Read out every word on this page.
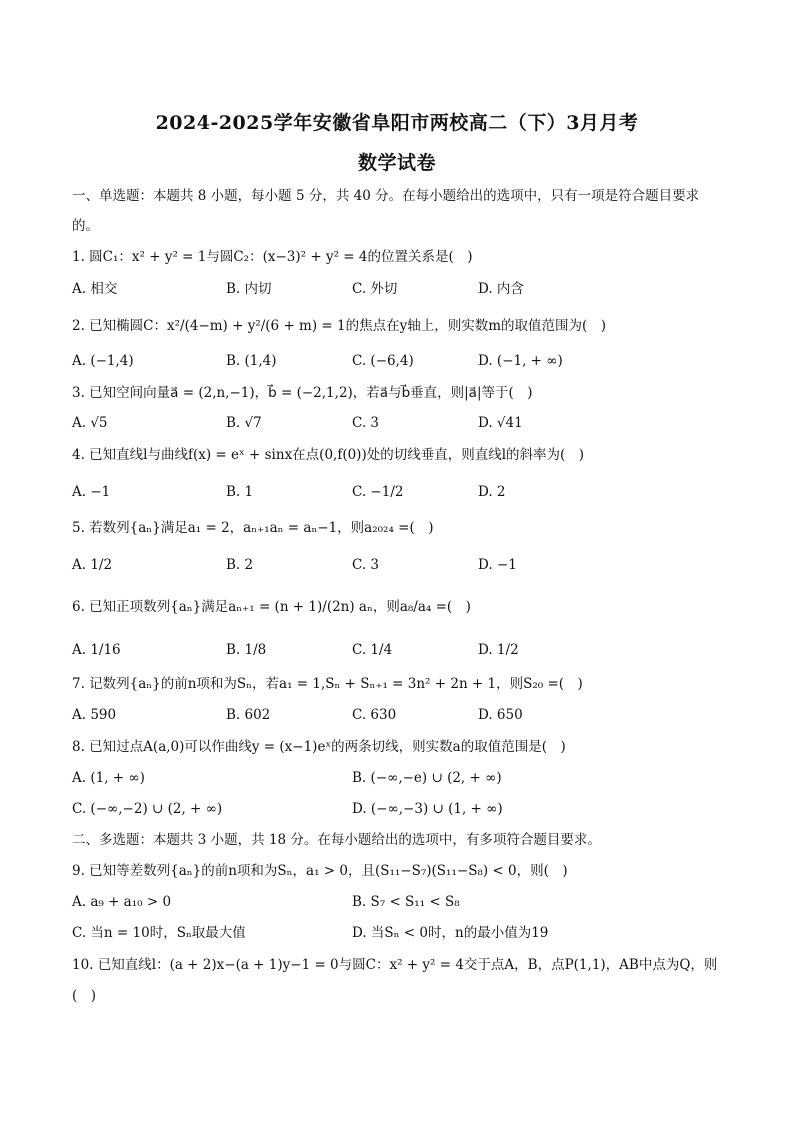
2024-2025学年安徽省阜阳市两校高二（下）3月月考
数学试卷
一、单选题：本题共 8 小题，每小题 5 分，共 40 分。在每小题给出的选项中，只有一项是符合题目要求
的。
1. 圆C₁：x² + y² = 1与圆C₂：(x−3)² + y² = 4的位置关系是(　)
A. 相交	B. 内切	C. 外切	D. 内含
2. 已知椭圆C：x²/(4−m) + y²/(6 + m) = 1的焦点在y轴上，则实数m的取值范围为(　)
A. (−1,4)	B. (1,4)	C. (−6,4)	D. (−1, + ∞)
3. 已知空间向量a⃗ = (2,n,−1)，b⃗ = (−2,1,2)，若a⃗与b⃗垂直，则|a⃗|等于(　)
A. √5	B. √7	C. 3	D. √41
4. 已知直线l与曲线f(x) = eˣ + sinx在点(0,f(0))处的切线垂直，则直线l的斜率为(　)
A. −1	B. 1	C. −1/2	D. 2
5. 若数列{aₙ}满足a₁ = 2，aₙ₊₁aₙ = aₙ−1，则a₂₀₂₄ =(　)
A. 1/2	B. 2	C. 3	D. −1
6. 已知正项数列{aₙ}满足aₙ₊₁ = (n + 1)/(2n) aₙ，则a₈/a₄ =(　)
A. 1/16	B. 1/8	C. 1/4	D. 1/2
7. 记数列{aₙ}的前n项和为Sₙ，若a₁ = 1,Sₙ + Sₙ₊₁ = 3n² + 2n + 1，则S₂₀ =(　)
A. 590	B. 602	C. 630	D. 650
8. 已知过点A(a,0)可以作曲线y = (x−1)eˣ的两条切线，则实数a的取值范围是(　)
A. (1, + ∞)	B. (−∞,−e) ∪ (2, + ∞)
C. (−∞,−2) ∪ (2, + ∞)	D. (−∞,−3) ∪ (1, + ∞)
二、多选题：本题共 3 小题，共 18 分。在每小题给出的选项中，有多项符合题目要求。
9. 已知等差数列{aₙ}的前n项和为Sₙ，a₁ > 0，且(S₁₁−S₇)(S₁₁−S₈) < 0，则(　)
A. a₉ + a₁₀ > 0	B. S₇ < S₁₁ < S₈
C. 当n = 10时，Sₙ取最大值	D. 当Sₙ < 0时，n的最小值为19
10. 已知直线l：(a + 2)x−(a + 1)y−1 = 0与圆C：x² + y² = 4交于点A，B，点P(1,1)，AB中点为Q，则
(　)
